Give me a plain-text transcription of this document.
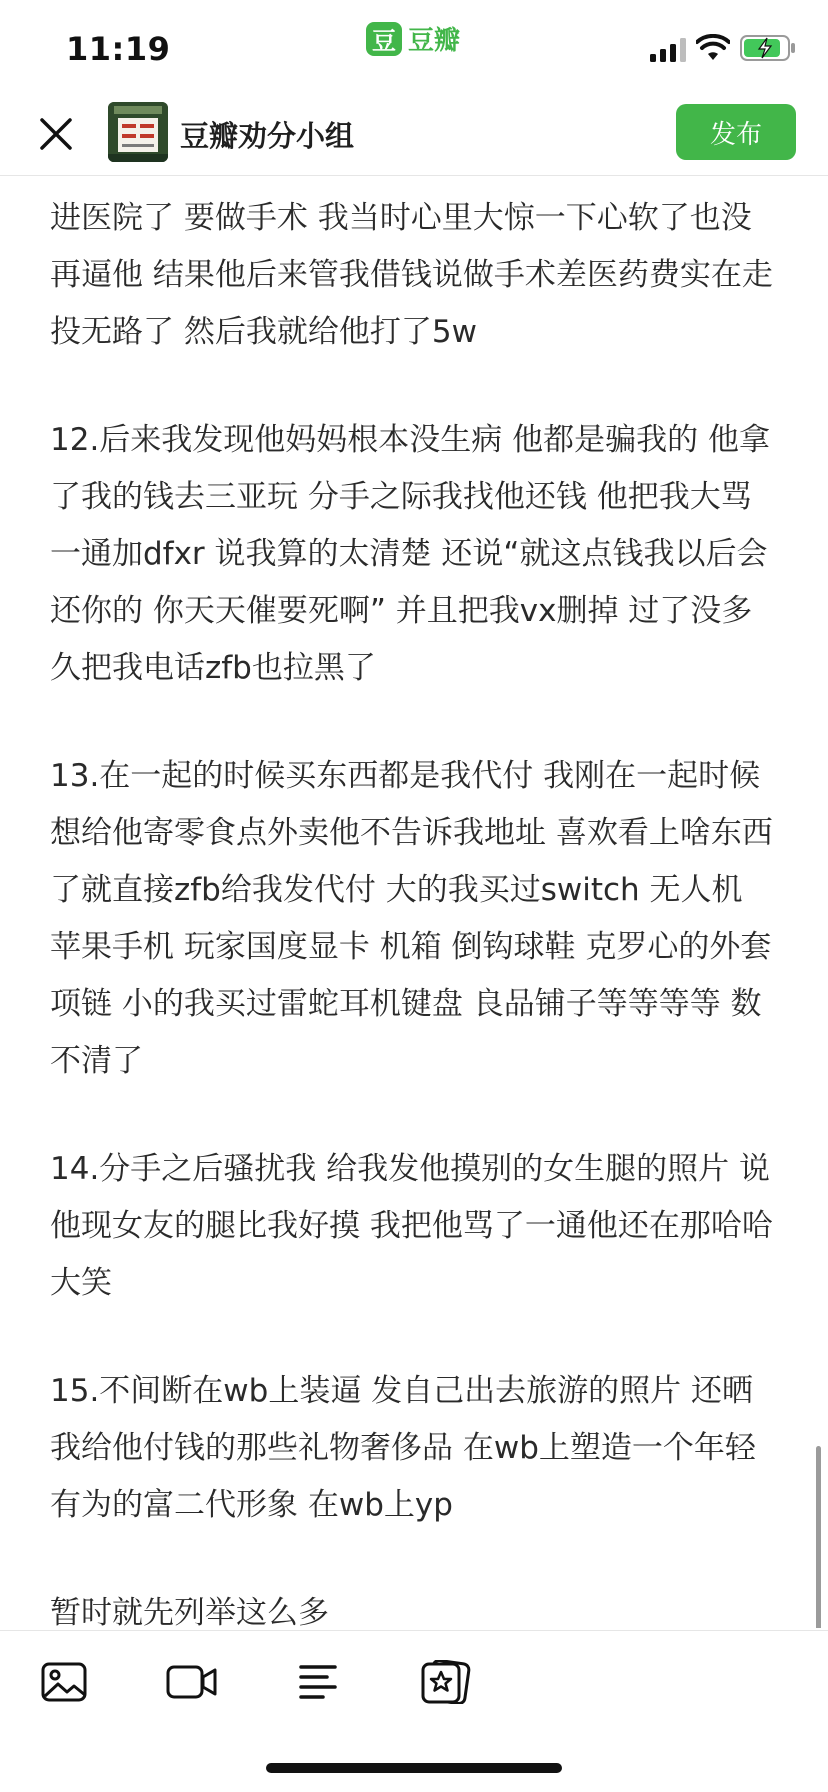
11:19	豆 豆瓣
豆瓣劝分小组	发布

进医院了 要做手术 我当时心里大惊一下心软了也没再逼他 结果他后来管我借钱说做手术差医药费实在走投无路了 然后我就给他打了5w

12.后来我发现他妈妈根本没生病 他都是骗我的 他拿了我的钱去三亚玩 分手之际我找他还钱 他把我大骂一通加dfxr 说我算的太清楚 还说“就这点钱我以后会还你的 你天天催要死啊” 并且把我vx删掉 过了没多久把我电话zfb也拉黑了

13.在一起的时候买东西都是我代付 我刚在一起时候想给他寄零食点外卖他不告诉我地址 喜欢看上啥东西了就直接zfb给我发代付 大的我买过switch 无人机 苹果手机 玩家国度显卡 机箱 倒钩球鞋 克罗心的外套项链 小的我买过雷蛇耳机键盘 良品铺子等等等等 数不清了

14.分手之后骚扰我 给我发他摸别的女生腿的照片 说他现女友的腿比我好摸 我把他骂了一通他还在那哈哈大笑

15.不间断在wb上装逼 发自己出去旅游的照片 还晒我给他付钱的那些礼物奢侈品 在wb上塑造一个年轻有为的富二代形象 在wb上yp

暂时就先列举这么多
